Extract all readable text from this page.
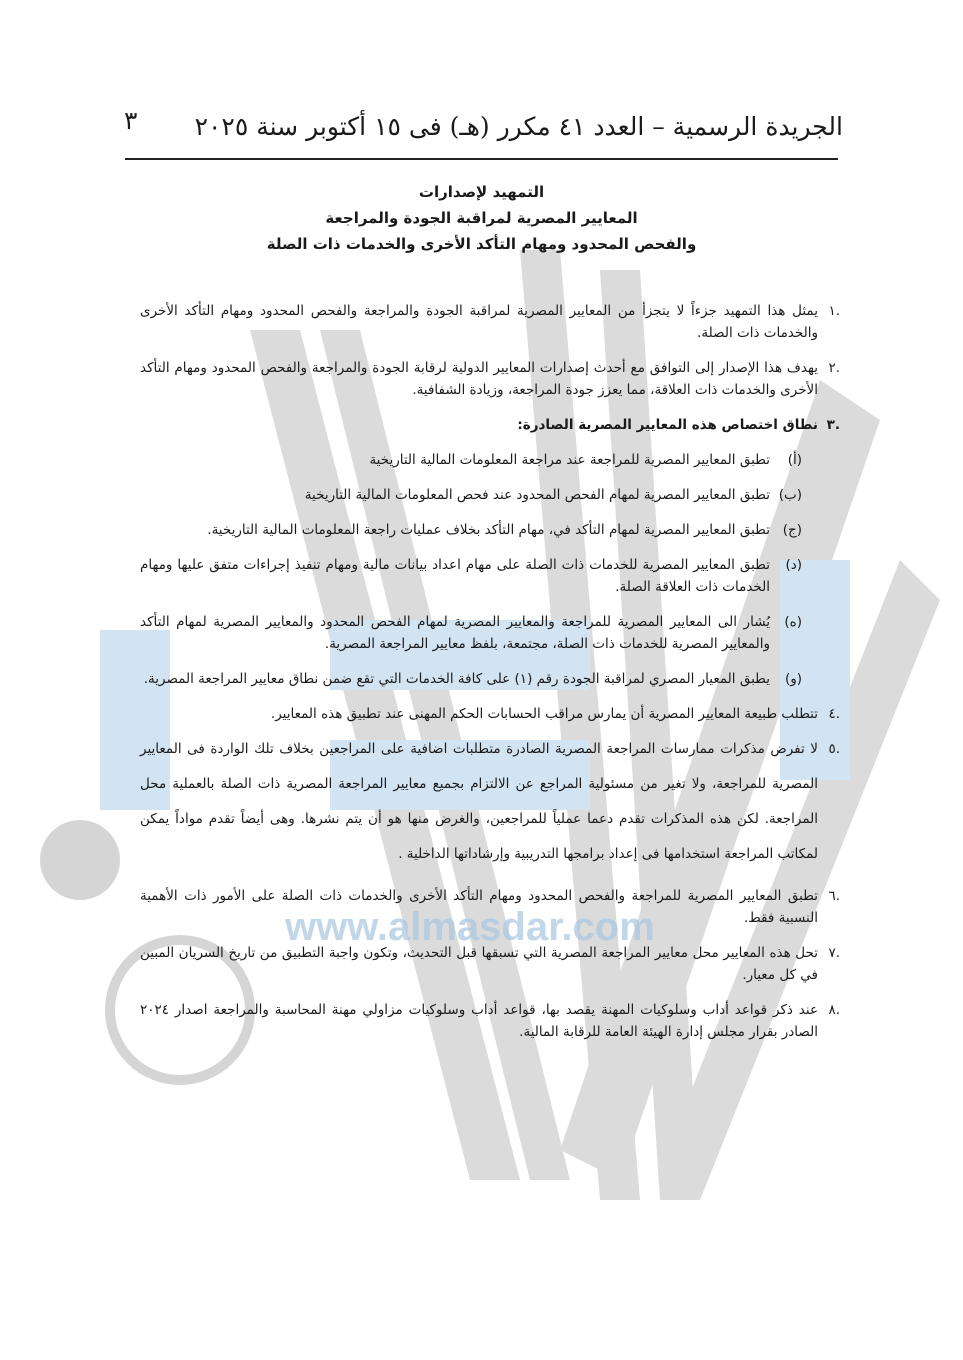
www.almasdar.com
الجريدة الرسمية – العدد ٤١ مكرر (هـ) فى ١٥ أكتوبر سنة ٢٠٢٥
٣
التمهيد لإصدارات
المعايير المصرية لمراقبة الجودة والمراجعة
والفحص المحدود ومهام التأكد الأخرى والخدمات ذات الصلة
.١
يمثل هذا التمهيد جزءاً لا يتجزأ من المعايير المصرية لمراقبة الجودة والمراجعة والفحص المحدود ومهام التأكد الأخرى والخدمات ذات الصلة.
.٢
يهدف هذا الإصدار إلى التوافق مع أحدث إصدارات المعايير الدولية لرقابة الجودة والمراجعة والفحص المحدود ومهام التأكد الأخرى والخدمات ذات العلاقة، مما يعزز جودة المراجعة، وزيادة الشفافية.
.٣
نطاق اختصاص هذه المعايير المصرية الصادرة:
(أ)
تطبق المعايير المصرية للمراجعة عند مراجعة المعلومات المالية التاريخية
(ب)
تطبق المعايير المصرية لمهام الفحص المحدود عند فحص المعلومات المالية التاريخية
(ج)
تطبق المعايير المصرية لمهام التأكد في، مهام التأكد بخلاف عمليات راجعة المعلومات المالية التاريخية.
(د)
تطبق المعايير المصرية للخدمات ذات الصلة على مهام اعداد بيانات مالية ومهام تنفيذ إجراءات متفق عليها ومهام الخدمات ذات العلاقة الصلة.
(ه)
يُشار الى المعايير المصرية للمراجعة والمعايير المصرية لمهام الفحص المحدود والمعايير المصرية لمهام التأكد والمعايير المصرية للخدمات ذات الصلة، مجتمعة، بلفظ معايير المراجعة المصرية.
(و)
يطبق المعيار المصري لمراقبة الجودة رقم (١) على كافة الخدمات التي تقع ضمن نطاق معايير المراجعة المصرية.
.٤
تتطلب طبيعة المعايير المصرية أن يمارس مراقب الحسابات الحكم المهنى عند تطبيق هذه المعايير.
.٥
لا تفرض مذكرات ممارسات المراجعة المصرية الصادرة متطلبات اضافية على المراجعين بخلاف تلك الواردة فى المعايير المصرية للمراجعة، ولا تغير من مسئولية المراجع عن الالتزام بجميع معايير المراجعة المصرية ذات الصلة بالعملية محل المراجعة. لكن هذه المذكرات تقدم دعما عملياً للمراجعين، والغرض منها هو أن يتم نشرها. وهى أيضاً تقدم مواداً يمكن لمكاتب المراجعة استخدامها فى إعداد برامجها التدريبية وإرشاداتها الداخلية .
.٦
تطبق المعايير المصرية للمراجعة والفحص المحدود ومهام التأكد الأخرى والخدمات ذات الصلة على الأمور ذات الأهمية النسبية فقط.
.٧
تحل هذه المعايير محل معايير المراجعة المصرية التي تسبقها قبل التحديث، وتكون واجبة التطبيق من تاريخ السريان المبين في كل معيار.
.٨
عند ذكر قواعد أداب وسلوكيات المهنة يقصد بها، قواعد أداب وسلوكيات مزاولي مهنة المحاسبة والمراجعة اصدار ٢٠٢٤ الصادر بقرار مجلس إدارة الهيئة العامة للرقابة المالية.
